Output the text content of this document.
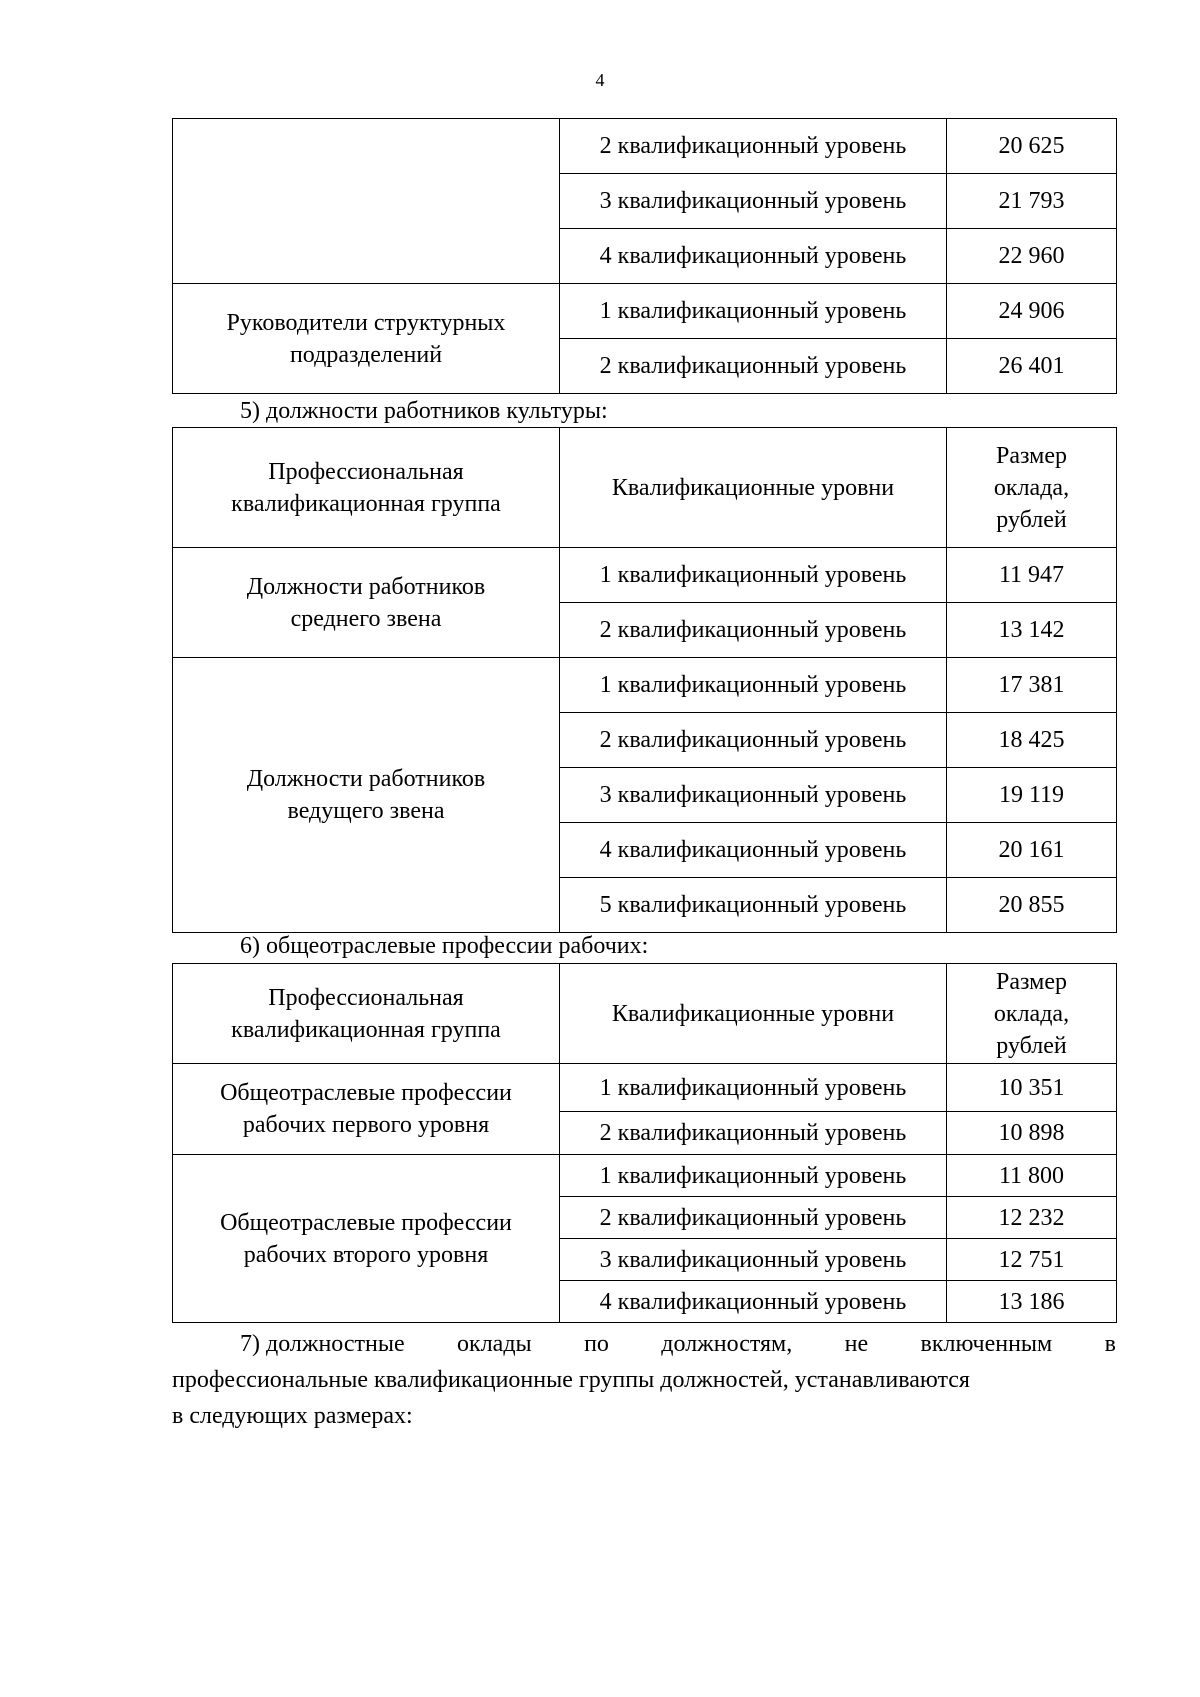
4
	2 квалификационный уровень	20 625
	3 квалификационный уровень	21 793
	4 квалификационный уровень	22 960
Руководители структурных подразделений	1 квалификационный уровень	24 906
	2 квалификационный уровень	26 401
5) должности работников культуры:
Профессиональная квалификационная группа	Квалификационные уровни	Размер оклада, рублей
Должности работников среднего звена	1 квалификационный уровень	11 947
	2 квалификационный уровень	13 142
Должности работников ведущего звена	1 квалификационный уровень	17 381
	2 квалификационный уровень	18 425
	3 квалификационный уровень	19 119
	4 квалификационный уровень	20 161
	5 квалификационный уровень	20 855
6) общеотраслевые профессии рабочих:
Профессиональная квалификационная группа	Квалификационные уровни	Размер оклада, рублей
Общеотраслевые профессии рабочих первого уровня	1 квалификационный уровень	10 351
	2 квалификационный уровень	10 898
Общеотраслевые профессии рабочих второго уровня	1 квалификационный уровень	11 800
	2 квалификационный уровень	12 232
	3 квалификационный уровень	12 751
	4 квалификационный уровень	13 186
7) должностные оклады по должностям, не включенным в
профессиональные квалификационные группы должностей, устанавливаются
в следующих размерах:
